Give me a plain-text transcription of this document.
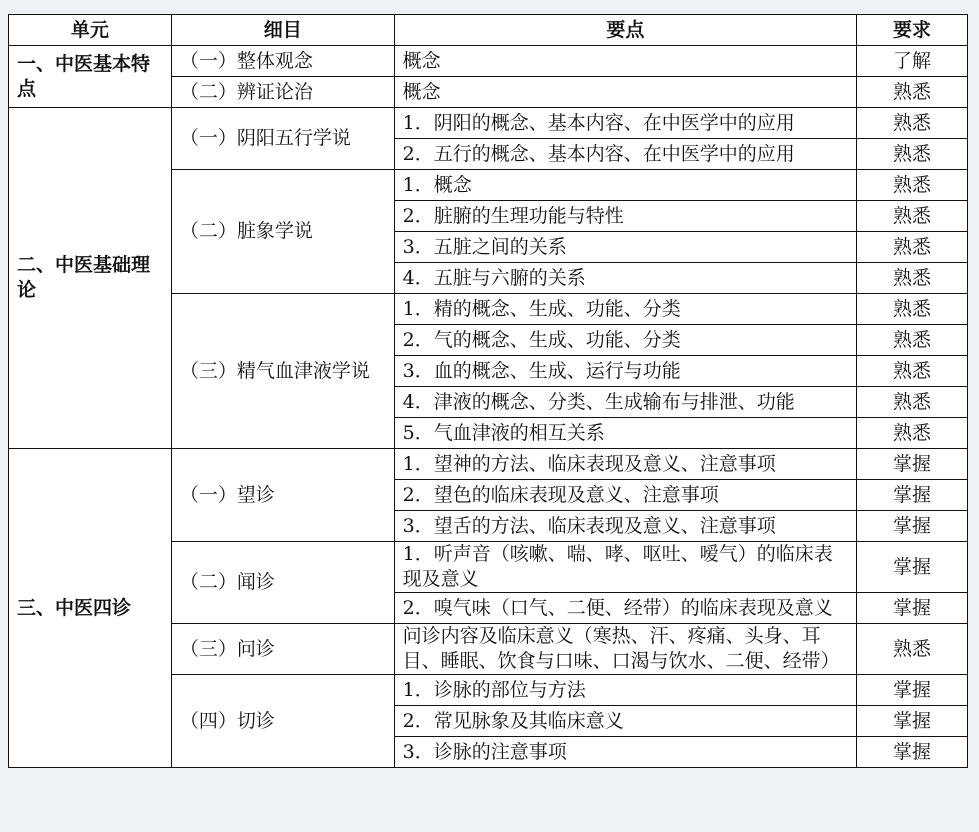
单元	细目	要点	要求
一、中医基本特点	（一）整体观念	概念	了解
	（二）辨证论治	概念	熟悉
二、中医基础理论	（一）阴阳五行学说	1．阴阳的概念、基本内容、在中医学中的应用	熟悉
		2．五行的概念、基本内容、在中医学中的应用	熟悉
	（二）脏象学说	1．概念	熟悉
		2．脏腑的生理功能与特性	熟悉
		3．五脏之间的关系	熟悉
		4．五脏与六腑的关系	熟悉
	（三）精气血津液学说	1．精的概念、生成、功能、分类	熟悉
		2．气的概念、生成、功能、分类	熟悉
		3．血的概念、生成、运行与功能	熟悉
		4．津液的概念、分类、生成输布与排泄、功能	熟悉
		5．气血津液的相互关系	熟悉
三、中医四诊	（一）望诊	1．望神的方法、临床表现及意义、注意事项	掌握
		2．望色的临床表现及意义、注意事项	掌握
		3．望舌的方法、临床表现及意义、注意事项	掌握
	（二）闻诊	1．听声音（咳嗽、喘、哮、呕吐、嗳气）的临床表现及意义	掌握
		2．嗅气味（口气、二便、经带）的临床表现及意义	掌握
	（三）问诊	问诊内容及临床意义（寒热、汗、疼痛、头身、耳目、睡眠、饮食与口味、口渴与饮水、二便、经带）	熟悉
	（四）切诊	1．诊脉的部位与方法	掌握
		2．常见脉象及其临床意义	掌握
		3．诊脉的注意事项	掌握
